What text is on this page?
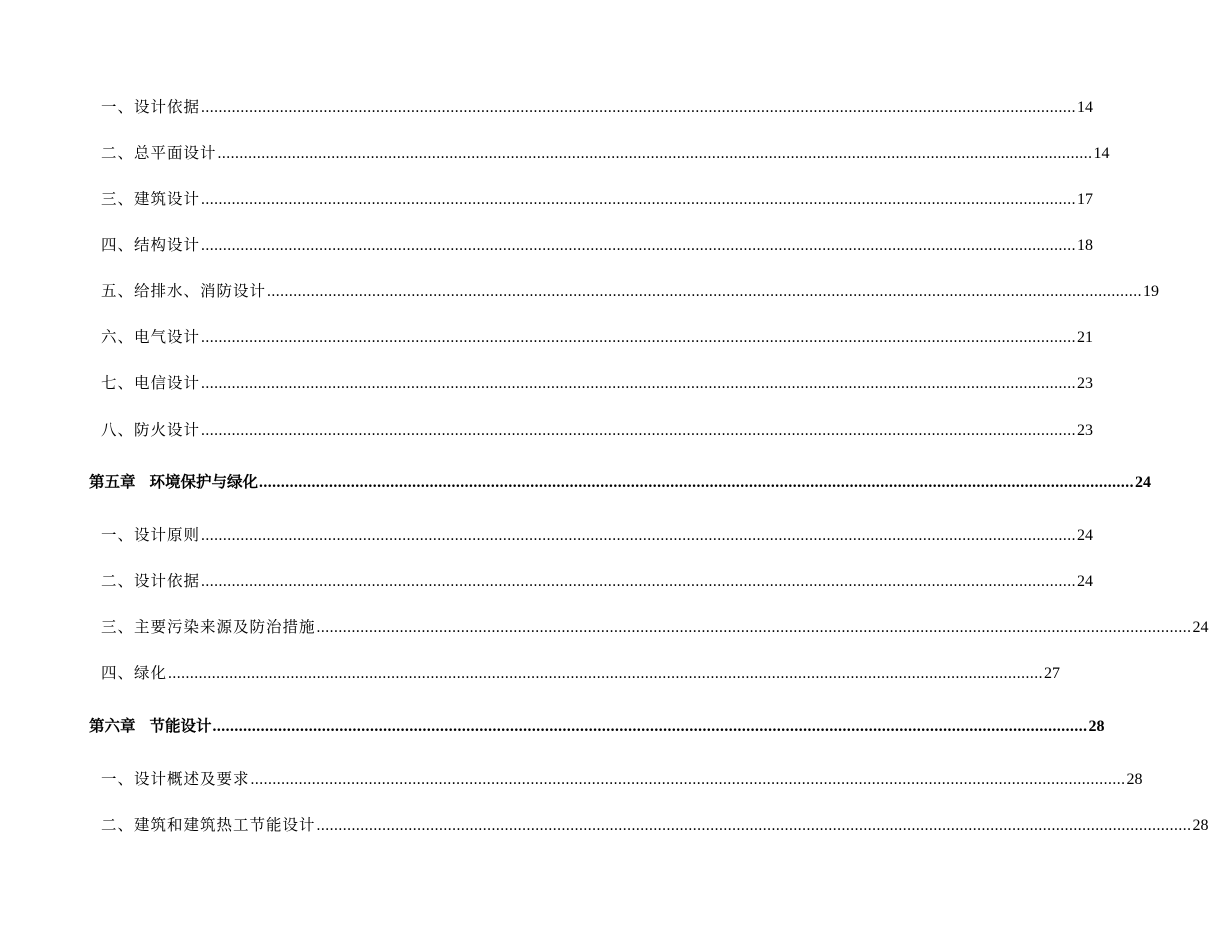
一、设计依据 ........................................................................................................................................................................................................ 14
二、总平面设计 ........................................................................................................................................................................................................ 14
三、建筑设计 ........................................................................................................................................................................................................ 17
四、结构设计 ........................................................................................................................................................................................................ 18
五、给排水、消防设计 ........................................................................................................................................................................................................ 19
六、电气设计 ........................................................................................................................................................................................................ 21
七、电信设计 ........................................................................................................................................................................................................ 23
八、防火设计 ........................................................................................................................................................................................................ 23
第五章 环境保护与绿化 ........................................................................................................................................................................................................ 24
一、设计原则 ........................................................................................................................................................................................................ 24
二、设计依据 ........................................................................................................................................................................................................ 24
三、主要污染来源及防治措施 ........................................................................................................................................................................................................ 24
四、绿化 ........................................................................................................................................................................................................ 27
第六章 节能设计 ........................................................................................................................................................................................................ 28
一、设计概述及要求 ........................................................................................................................................................................................................ 28
二、建筑和建筑热工节能设计 ........................................................................................................................................................................................................ 28
